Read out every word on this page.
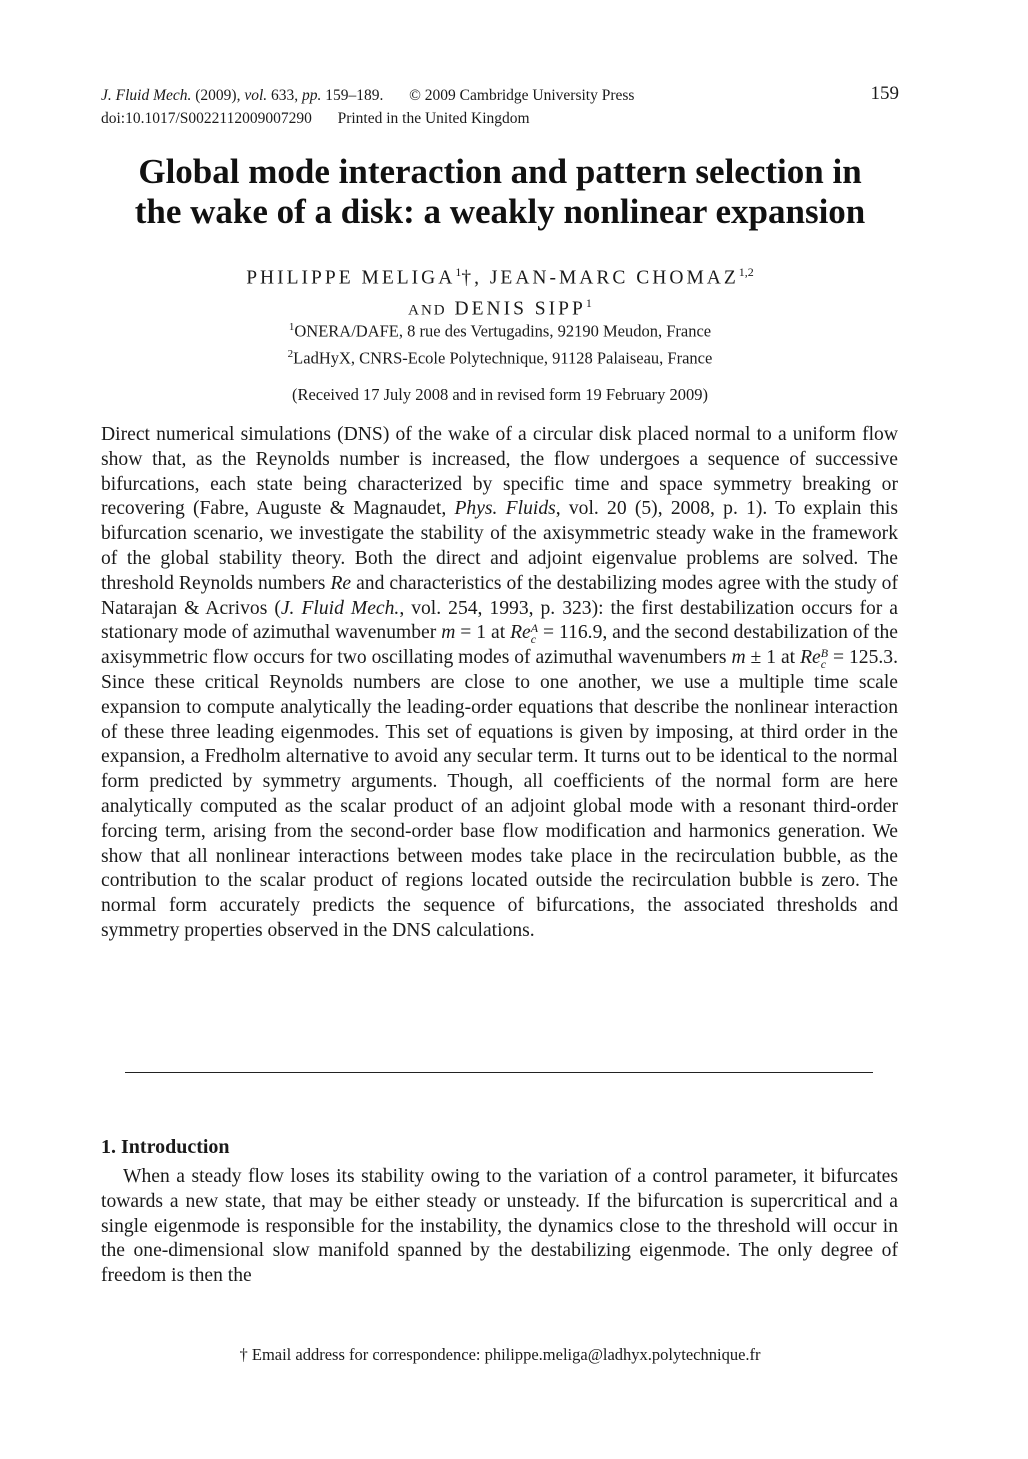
J. Fluid Mech. (2009), vol. 633, pp. 159–189. © 2009 Cambridge University Press
doi:10.1017/S0022112009007290 Printed in the United Kingdom
159
Global mode interaction and pattern selection in
the wake of a disk: a weakly nonlinear expansion
PHILIPPE MELIGA$^1$†, JEAN-MARC CHOMAZ$^{1,2}$
AND DENIS SIPP$^1$
$^1$ONERA/DAFE, 8 rue des Vertugadins, 92190 Meudon, France
$^2$LadHyX, CNRS-Ecole Polytechnique, 91128 Palaiseau, France
(Received 17 July 2008 and in revised form 19 February 2009)

Direct numerical simulations (DNS) of the wake of a circular disk placed normal to a uniform flow show that, as the Reynolds number is increased, the flow undergoes a sequence of successive bifurcations, each state being characterized by specific time and space symmetry breaking or recovering (Fabre, Auguste & Magnaudet, Phys. Fluids, vol. 20 (5), 2008, p. 1). To explain this bifurcation scenario, we investigate the stability of the axisymmetric steady wake in the framework of the global stability theory. Both the direct and adjoint eigenvalue problems are solved. The threshold Reynolds numbers Re and characteristics of the destabilizing modes agree with the study of Natarajan & Acrivos (J. Fluid Mech., vol. 254, 1993, p. 323): the first destabilization occurs for a stationary mode of azimuthal wavenumber m = 1 at Re A
c = 116.9, and the second destabilization of the axisymmetric flow occurs for two oscillating modes of azimuthal wavenumbers m ± 1 at Re B
c = 125.3. Since these critical Reynolds numbers are close to one another, we use a multiple time scale expansion to compute analytically the leading-order equations that describe the nonlinear interaction of these three leading eigenmodes. This set of equations is given by imposing, at third order in the expansion, a Fredholm alternative to avoid any secular term. It turns out to be identical to the normal form predicted by symmetry arguments. Though, all coefficients of the normal form are here analytically computed as the scalar product of an adjoint global mode with a resonant third-order forcing term, arising from the second-order base flow modification and harmonics generation. We show that all nonlinear interactions between modes take place in the recirculation bubble, as the contribution to the scalar product of regions located outside the recirculation bubble is zero. The normal form accurately predicts the sequence of bifurcations, the associated thresholds and symmetry properties observed in the DNS calculations.

1. Introduction

When a steady flow loses its stability owing to the variation of a control parameter, it bifurcates towards a new state, that may be either steady or unsteady. If the bifurcation is supercritical and a single eigenmode is responsible for the instability, the dynamics close to the threshold will occur in the one-dimensional slow manifold spanned by the destabilizing eigenmode. The only degree of freedom is then the

† Email address for correspondence: philippe.meliga@ladhyx.polytechnique.fr
